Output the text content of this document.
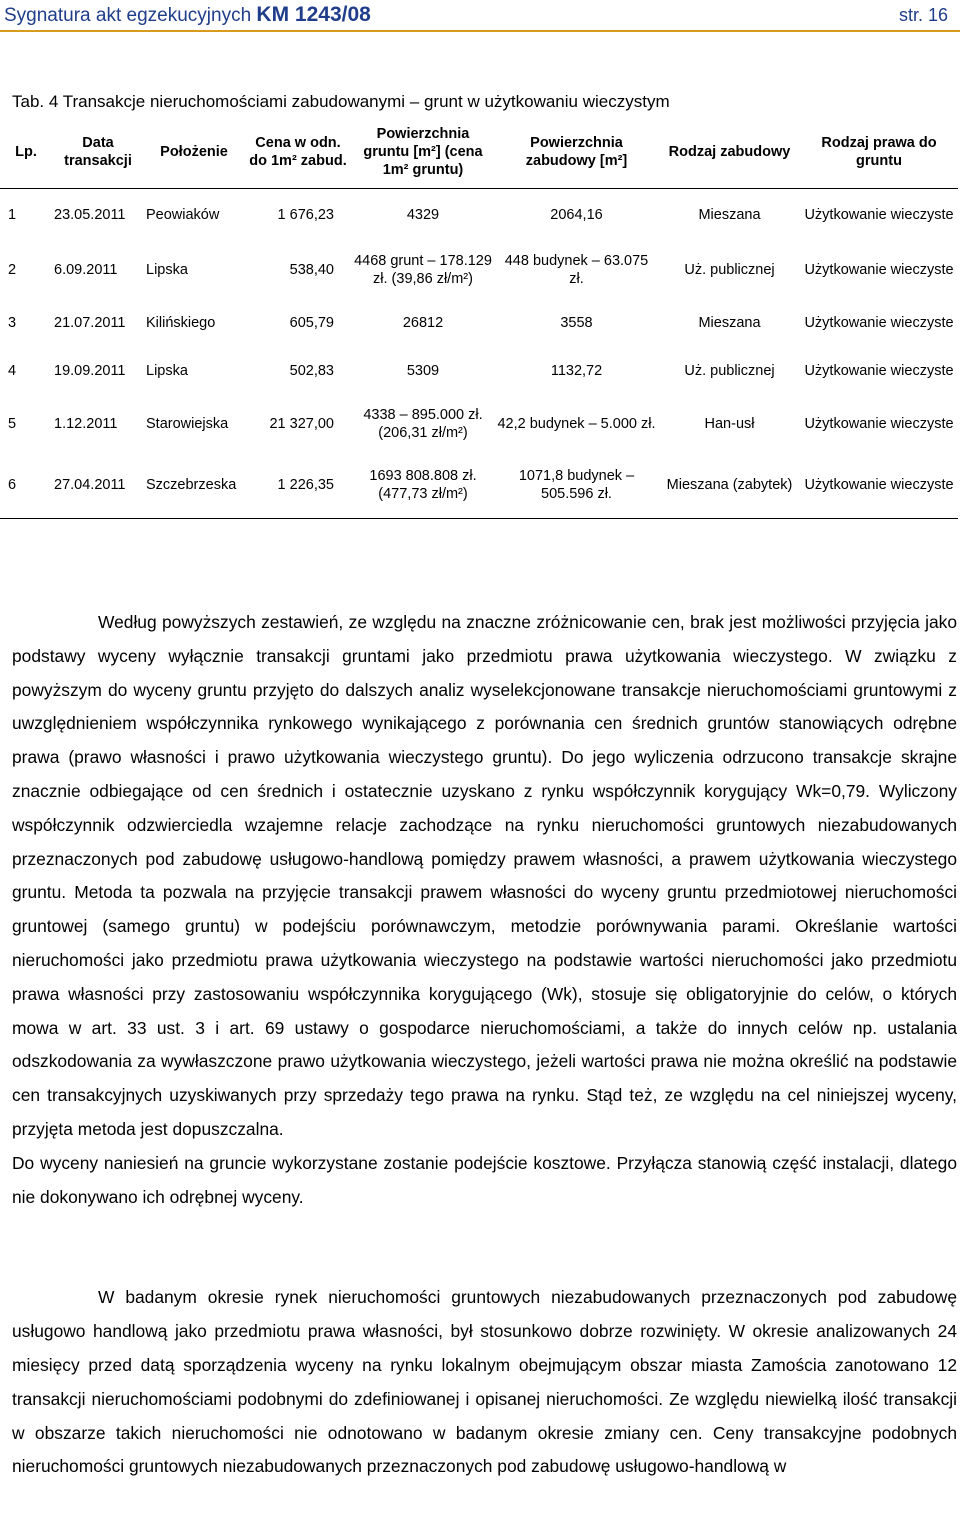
Sygnatura akt egzekucyjnych KM 1243/08	str. 16
Tab. 4 Transakcje nieruchomościami zabudowanymi – grunt w użytkowaniu wieczystym
Lp.	Data transakcji	Położenie	Cena w odn. do 1m² zabud.	Powierzchnia gruntu [m²] (cena 1m² gruntu)	Powierzchnia zabudowy [m²]	Rodzaj zabudowy	Rodzaj prawa do gruntu
1	23.05.2011	Peowiaków	1 676,23	4329	2064,16	Mieszana	Użytkowanie wieczyste
2	6.09.2011	Lipska	538,40	4468 grunt – 178.129 zł. (39,86 zł/m²)	448 budynek – 63.075 zł.	Uż. publicznej	Użytkowanie wieczyste
3	21.07.2011	Kilińskiego	605,79	26812	3558	Mieszana	Użytkowanie wieczyste
4	19.09.2011	Lipska	502,83	5309	1132,72	Uż. publicznej	Użytkowanie wieczyste
5	1.12.2011	Starowiejska	21 327,00	4338 – 895.000 zł. (206,31 zł/m²)	42,2 budynek – 5.000 zł.	Han-usł	Użytkowanie wieczyste
6	27.04.2011	Szczebrzeska	1 226,35	1693 808.808 zł. (477,73 zł/m²)	1071,8 budynek – 505.596 zł.	Mieszana (zabytek)	Użytkowanie wieczyste

Według powyższych zestawień, ze względu na znaczne zróżnicowanie cen, brak jest możliwości przyjęcia jako podstawy wyceny wyłącznie transakcji gruntami jako przedmiotu prawa użytkowania wieczystego. W związku z powyższym do wyceny gruntu przyjęto do dalszych analiz wyselekcjonowane transakcje nieruchomościami gruntowymi z uwzględnieniem współczynnika rynkowego wynikającego z porównania cen średnich gruntów stanowiących odrębne prawa (prawo własności i prawo użytkowania wieczystego gruntu). Do jego wyliczenia odrzucono transakcje skrajne znacznie odbiegające od cen średnich i ostatecznie uzyskano z rynku współczynnik korygujący Wk=0,79. Wyliczony współczynnik odzwierciedla wzajemne relacje zachodzące na rynku nieruchomości gruntowych niezabudowanych przeznaczonych pod zabudowę usługowo-handlową pomiędzy prawem własności, a prawem użytkowania wieczystego gruntu. Metoda ta pozwala na przyjęcie transakcji prawem własności do wyceny gruntu przedmiotowej nieruchomości gruntowej (samego gruntu) w podejściu porównawczym, metodzie porównywania parami. Określanie wartości nieruchomości jako przedmiotu prawa użytkowania wieczystego na podstawie wartości nieruchomości jako przedmiotu prawa własności przy zastosowaniu współczynnika korygującego (Wk), stosuje się obligatoryjnie do celów, o których mowa w art. 33 ust. 3 i art. 69 ustawy o gospodarce nieruchomościami, a także do innych celów np. ustalania odszkodowania za wywłaszczone prawo użytkowania wieczystego, jeżeli wartości prawa nie można określić na podstawie cen transakcyjnych uzyskiwanych przy sprzedaży tego prawa na rynku. Stąd też, ze względu na cel niniejszej wyceny, przyjęta metoda jest dopuszczalna.

Do wyceny naniesień na gruncie wykorzystane zostanie podejście kosztowe. Przyłącza stanowią część instalacji, dlatego nie dokonywano ich odrębnej wyceny.

W badanym okresie rynek nieruchomości gruntowych niezabudowanych przeznaczonych pod zabudowę usługowo handlową jako przedmiotu prawa własności, był stosunkowo dobrze rozwinięty. W okresie analizowanych 24 miesięcy przed datą sporządzenia wyceny na rynku lokalnym obejmującym obszar miasta Zamościa zanotowano 12 transakcji nieruchomościami podobnymi do zdefiniowanej i opisanej nieruchomości. Ze względu niewielką ilość transakcji w obszarze takich nieruchomości nie odnotowano w badanym okresie zmiany cen. Ceny transakcyjne podobnych nieruchomości gruntowych niezabudowanych przeznaczonych pod zabudowę usługowo-handlową w
